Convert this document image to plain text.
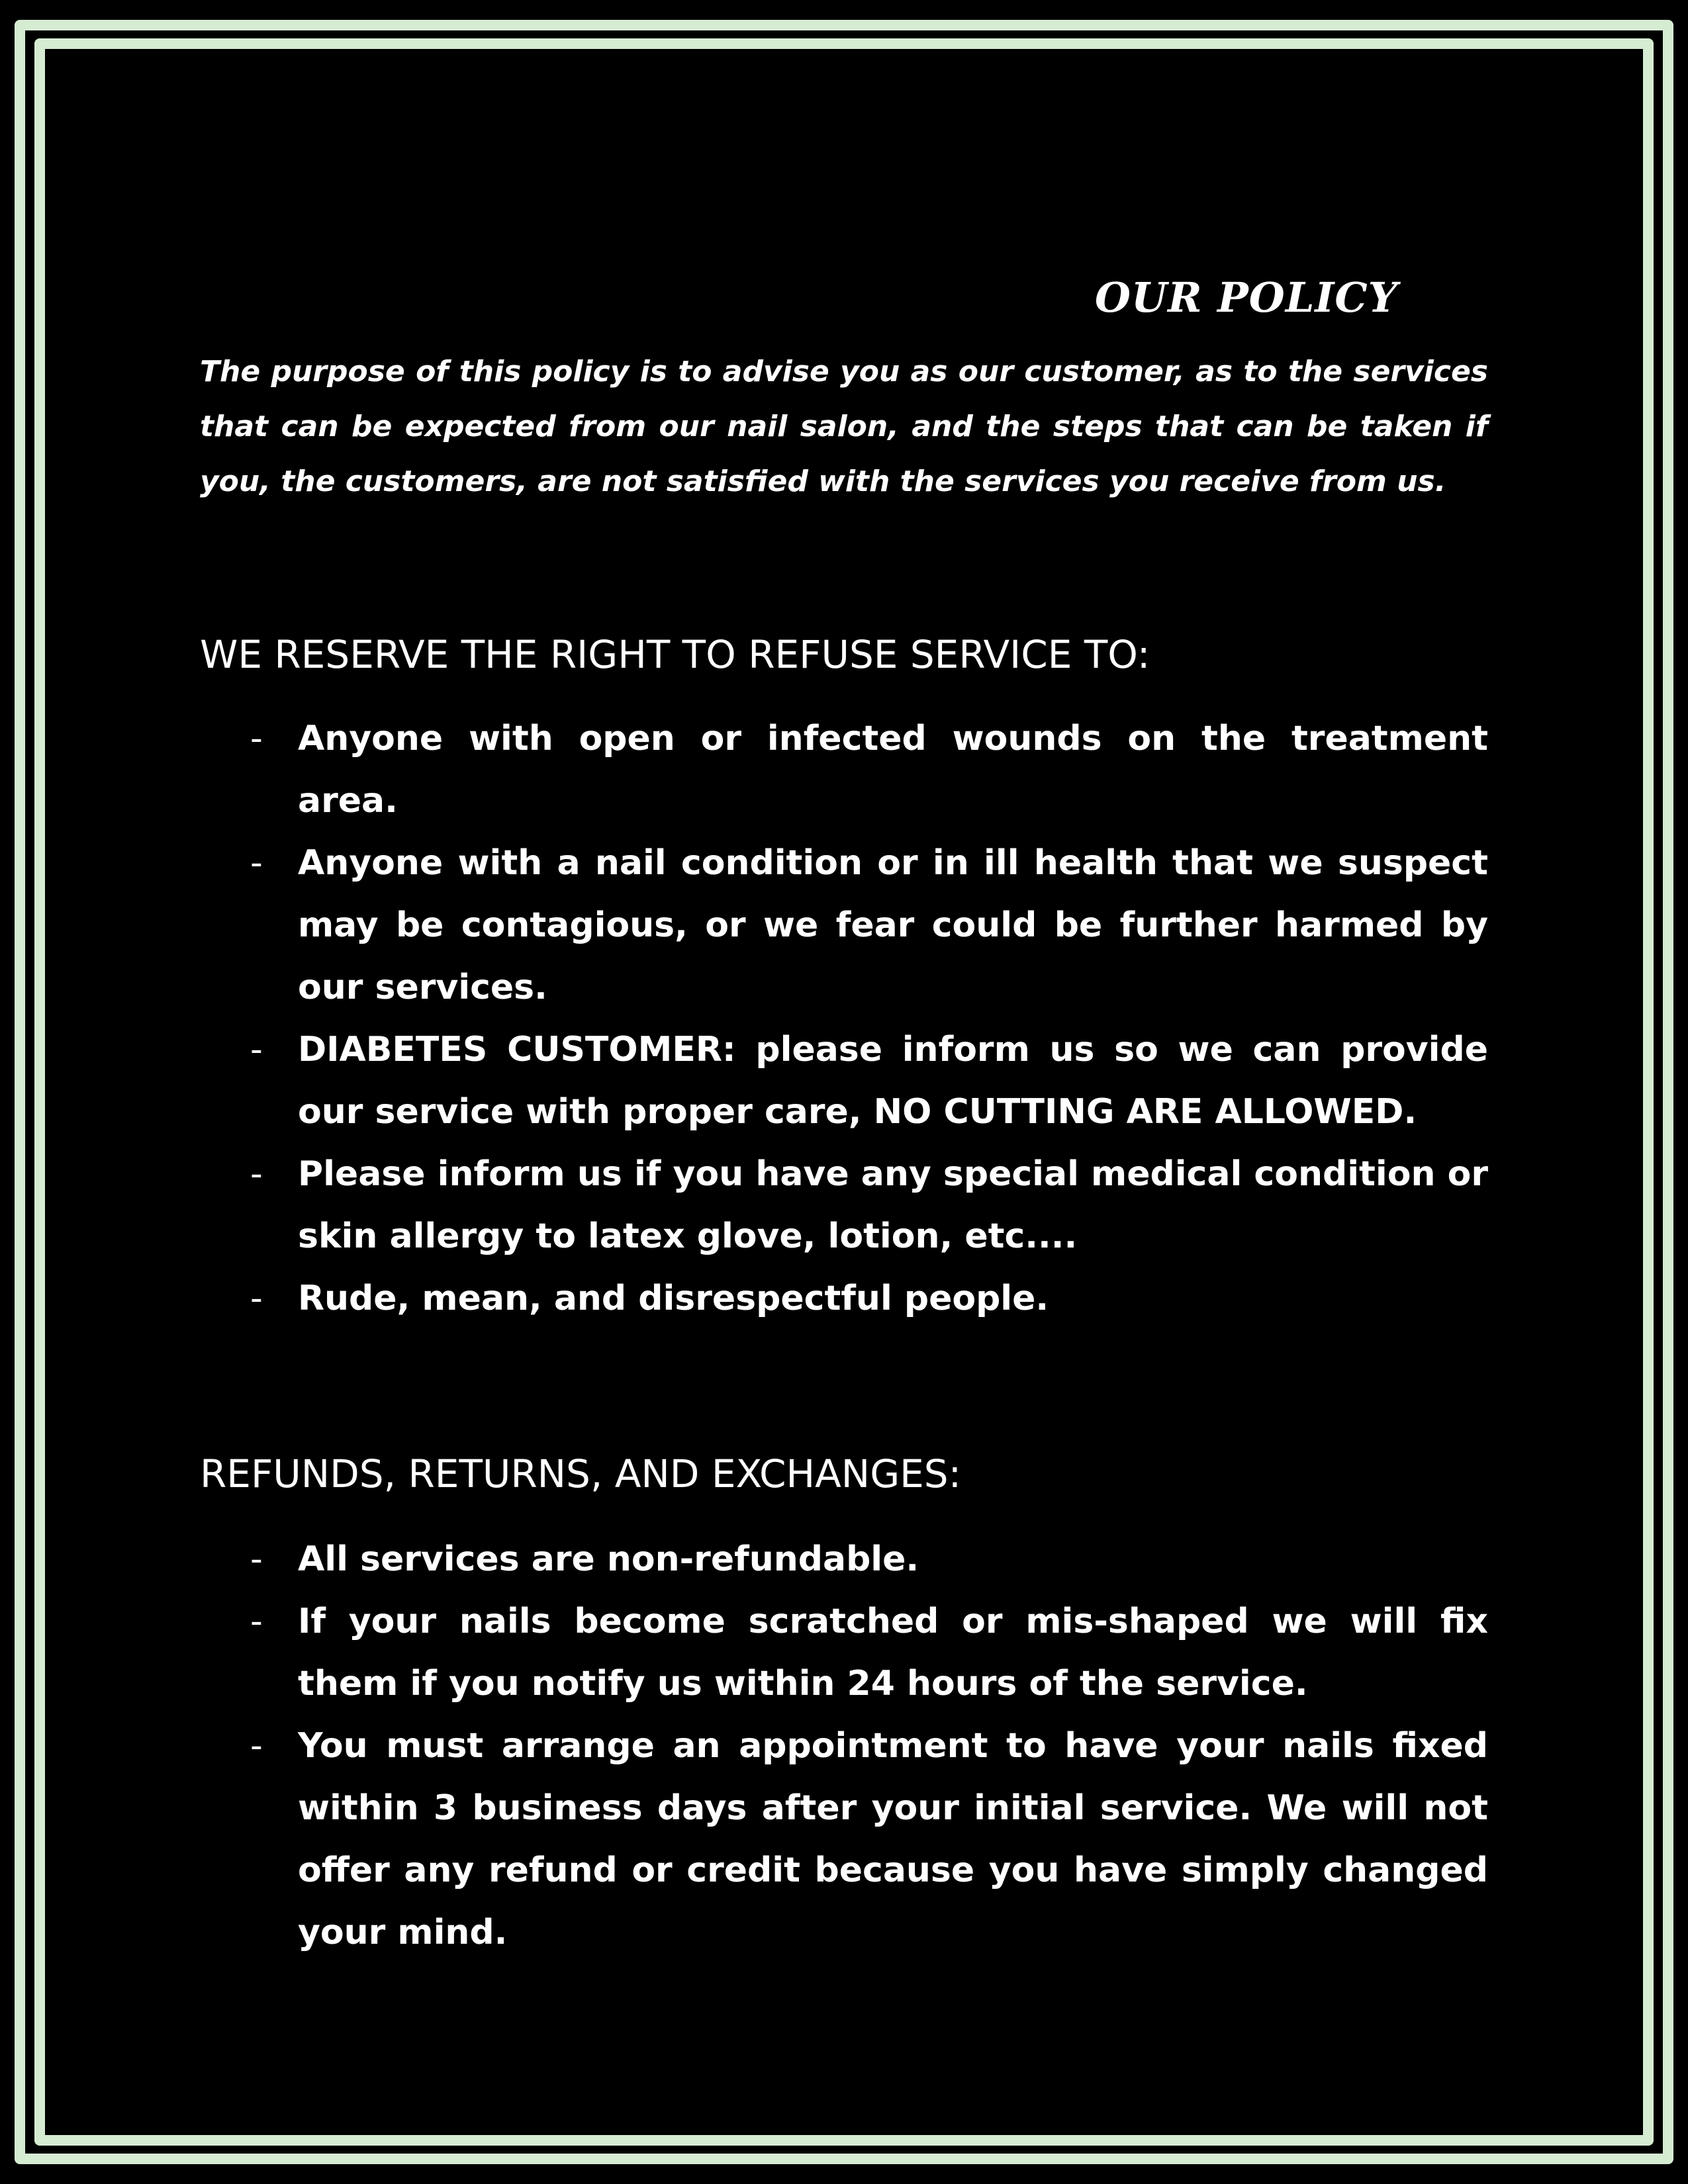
OUR POLICY

The purpose of this policy is to advise you as our customer, as to the services that can be expected from our nail salon, and the steps that can be taken if you, the customers, are not satisfied with the services you receive from us.

WE RESERVE THE RIGHT TO REFUSE SERVICE TO:
- Anyone with open or infected wounds on the treatment area.
- Anyone with a nail condition or in ill health that we suspect may be contagious, or we fear could be further harmed by our services.
- DIABETES CUSTOMER: please inform us so we can provide our service with proper care, NO CUTTING ARE ALLOWED.
- Please inform us if you have any special medical condition or skin allergy to latex glove, lotion, etc....
- Rude, mean, and disrespectful people.
REFUNDS, RETURNS, AND EXCHANGES:
- All services are non-refundable.
- If your nails become scratched or mis-shaped we will fix them if you notify us within 24 hours of the service.
- You must arrange an appointment to have your nails fixed within 3 business days after your initial service. We will not offer any refund or credit because you have simply changed your mind.
